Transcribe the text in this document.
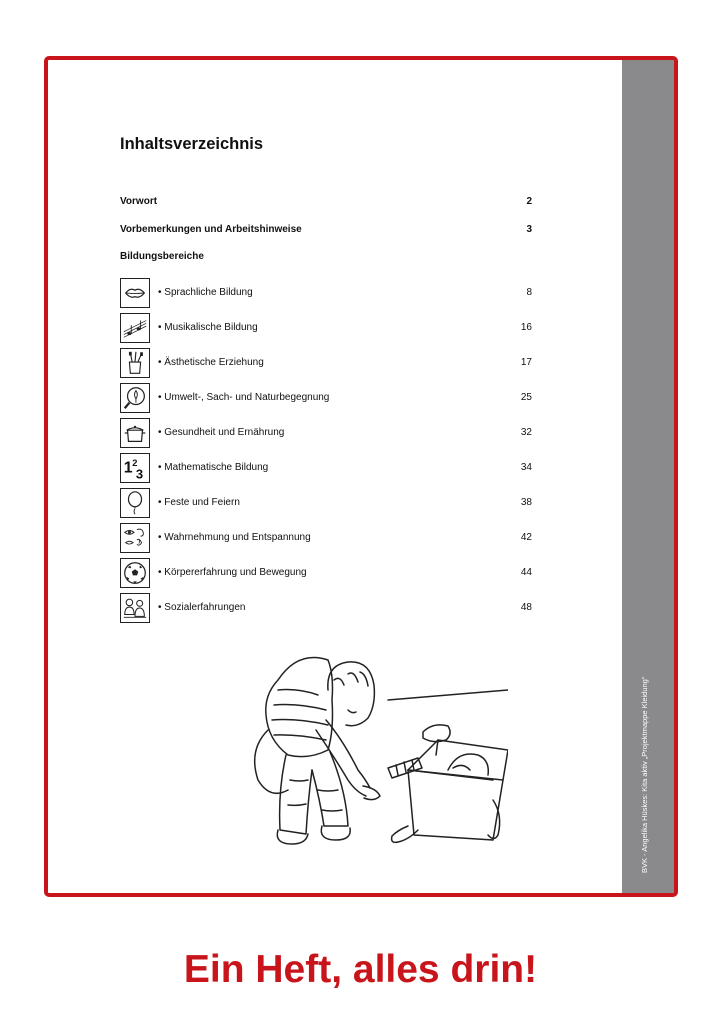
BVK - Angelika Hüskes: Kita aktiv „Projektmappe Kleidung“
Inhaltsverzeichnis
Vorwort	2
Vorbemerkungen und Arbeitshinweise	3
Bildungsbereiche
• Sprachliche Bildung	8
• Musikalische Bildung	16
• Ästhetische Erziehung	17
• Umwelt-, Sach- und Naturbegegnung	25
• Gesundheit und Ernährung	32
1 2
3 • Mathematische Bildung	34
• Feste und Feiern	38
• Wahrnehmung und Entspannung	42
• Körpererfahrung und Bewegung	44
• Sozialerfahrungen	48
Ein Heft, alles drin!
